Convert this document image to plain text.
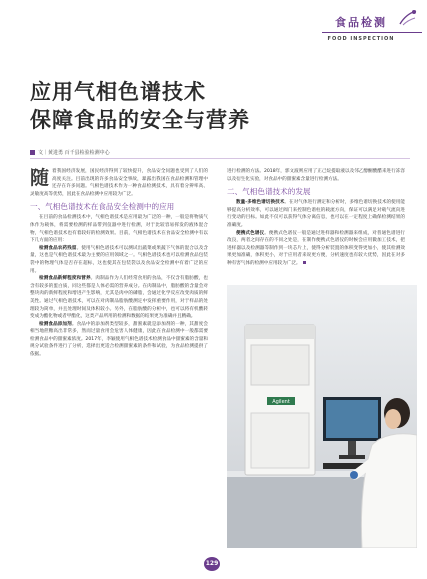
食品检测
FOOD INSPECTION
应用气相色谱技术
保障食品的安全与营养
文｜黄进勇 百千县检验检测中心
随 着我国经济发展，国民经济得到了较快提升，食品安全问题也受到了人们的高度关注。目前出现的许多食品安全事故，暴露出我国在食品检测和管理中还存在许多问题。气相色谱技术作为一种食品检测技术，具有着分辨率高、灵敏度高等优势，因此在食品检测中应用较为广泛。
一、气相色谱技术在食品安全检测中的应用

在目前的食品检测技术中，气相色谱技术是应用最为广泛的一种，一般是将物质气体作为载体，将需要检测的样品带到仪器中进行检测，对于比较容易挥发的液体混合物，气相色谱技术也有着较好的检测效果。目前，气相色谱技术在食品安全检测中有以下几方面的应用：

检测食品农药残留。使用气相色谱技术可以测试出蔬菜或果蔬下气体的混合以及含量，这也是气相色谱技术最为主要的应用领域之一。气相色谱技术也可以检测食品包装袋中的物理气体是否存在超标，这也使其在包装袋以及食品安全检测中有着广泛的应用。

检测食品新鲜程度和营养。肉制品作为人们经常食用的食品，不仅含有脂肪酸，也含有较多的蛋白质，同这些都是人体必需的营养成分。在肉制品中，脂肪酸的含量会对整块肉的新鲜程度和增进产生影响，尤其是肉中的磷脂，会通过化学反应改变肉质的鲜美性。通过气相色谱技术，可以在对肉制品脂肪酸测定中发挥重要作用，对于样品的处理较为简单，并且处理时间及体积较小。另外，在脂肪酸的分析中，也可以将有机酸转变成为酯化物或者甲酯化，这类产品所用的检测和数据的结果更为准确并且精确。

检测食品添加剂。食品中的添加剂类型较多，甜蜜素就是添加剂的一种，其甜度会相当地蔗糖高出非常多，然而过量食用会危害人体健康，因此在食品检测中一般都需要检测食品中的甜蜜素浓度。2017年，李颖使用气相色谱技术检测食品中甜蜜素的含量和规分试验条件进行了分析，选择出更适合检测甜蜜素的条件和试验，为食品检测提供了依据。

进行检测的方法。2018年，郭文波则应用了正己烷提取液以及邻乙醇酮酸醋来进行冻容以及衍生化实验，对食品中的甜蜜素含量进行检测方法。

二、气相色谱技术的发展

数量-多维色谱切换技术。在对气体进行测定和分析时，多维色谱切换技术的使用能够提高分析效率，可以通过阀门来控制色谱柱的载流方向，保证可以满足对载气流向进行变动的目标。如此不仅可以获得气体分离信息，也可以在一定程度上确保检测结果的准确度。

便携式色谱仪。便携式色谱仪一般是通过进样器和检测器来组成，对普通色谱进行改良，两者之间存在的不同之处是，在制作便携式色谱仪的时候会应用微加工技术，把进样器以及检测器等制作到一块芯片上，使得分析装置的体积变得更加小，使其检测效果更加准确，体积更小，对于应用者来说更方便，分析速度也有较大优势，因此在对多种有害气体的检测中应用较为广泛。

Agilent
129
